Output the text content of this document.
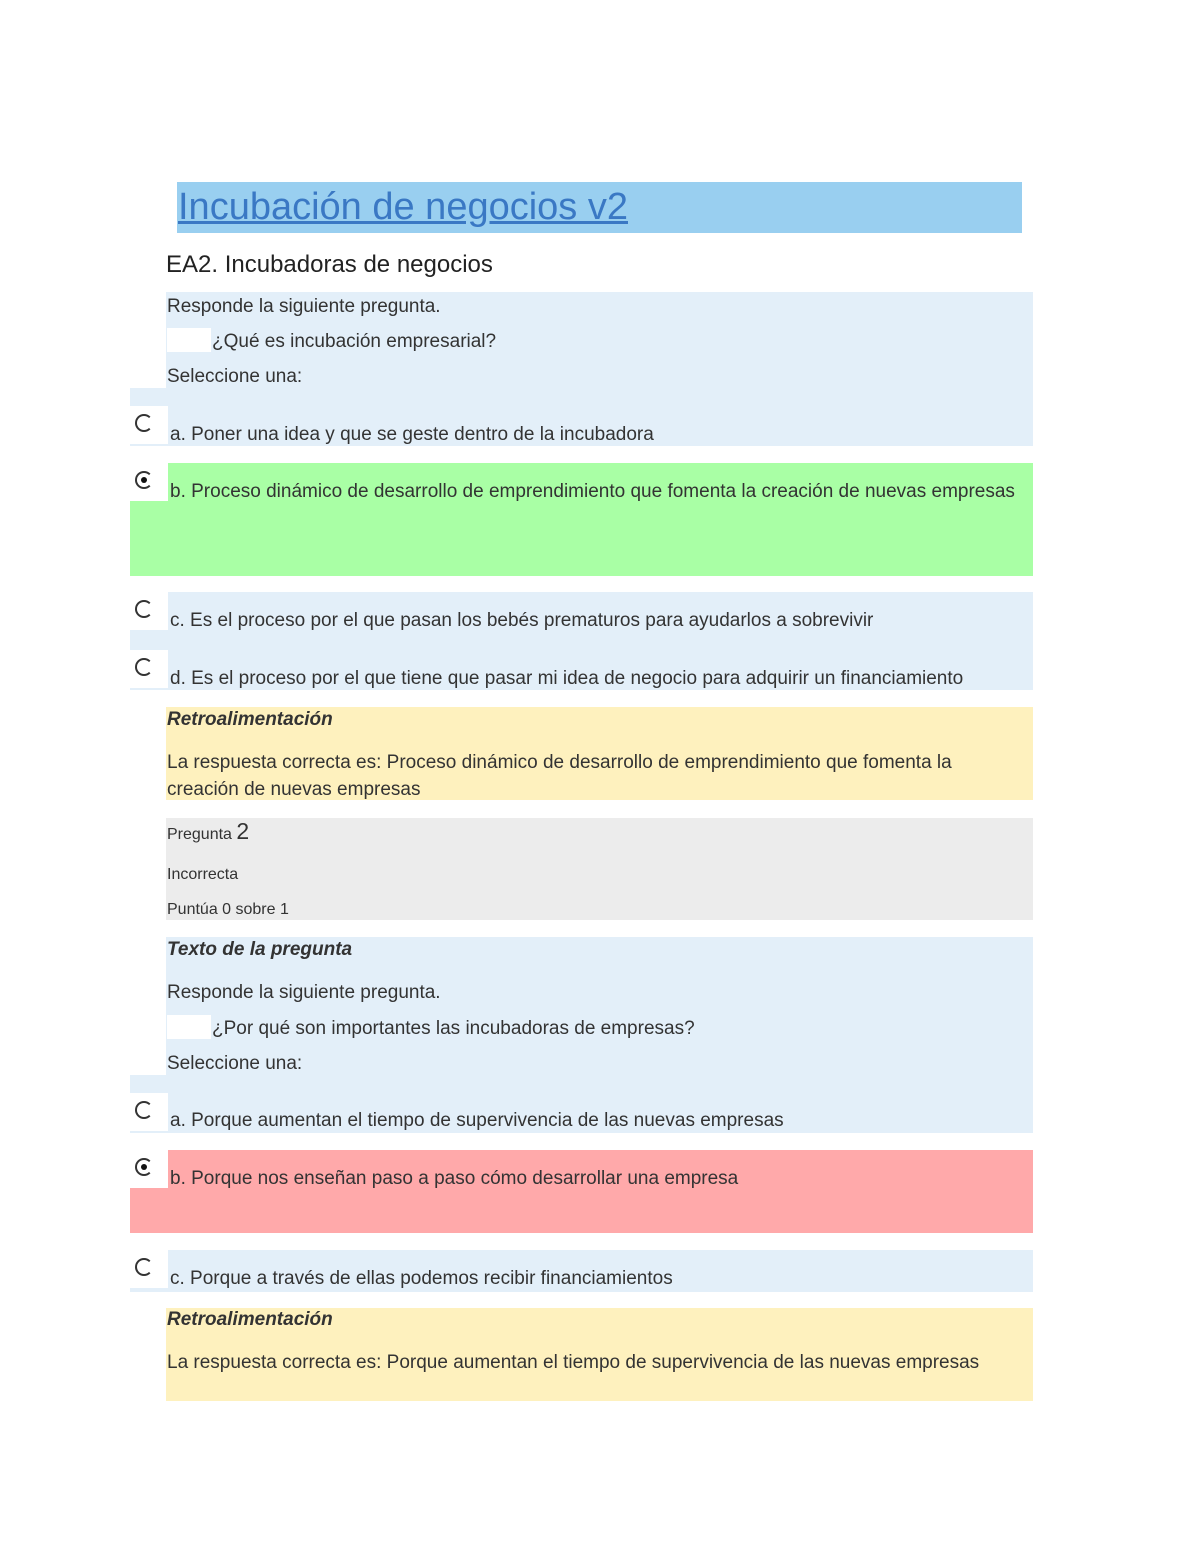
Incubación de negocios v2
EA2. Incubadoras de negocios
Responde la siguiente pregunta.
¿Qué es incubación empresarial?
Seleccione una:
a. Poner una idea y que se geste dentro de la incubadora
b. Proceso dinámico de desarrollo de emprendimiento que fomenta la creación de nuevas empresas
c. Es el proceso por el que pasan los bebés prematuros para ayudarlos a sobrevivir
d. Es el proceso por el que tiene que pasar mi idea de negocio para adquirir un financiamiento
Retroalimentación
La respuesta correcta es: Proceso dinámico de desarrollo de emprendimiento que fomenta la creación de nuevas empresas
Pregunta 2
Incorrecta
Puntúa 0 sobre 1
Texto de la pregunta
Responde la siguiente pregunta.
¿Por qué son importantes las incubadoras de empresas?
Seleccione una:
a. Porque aumentan el tiempo de supervivencia de las nuevas empresas
b. Porque nos enseñan paso a paso cómo desarrollar una empresa
c. Porque a través de ellas podemos recibir financiamientos
Retroalimentación
La respuesta correcta es: Porque aumentan el tiempo de supervivencia de las nuevas empresas
